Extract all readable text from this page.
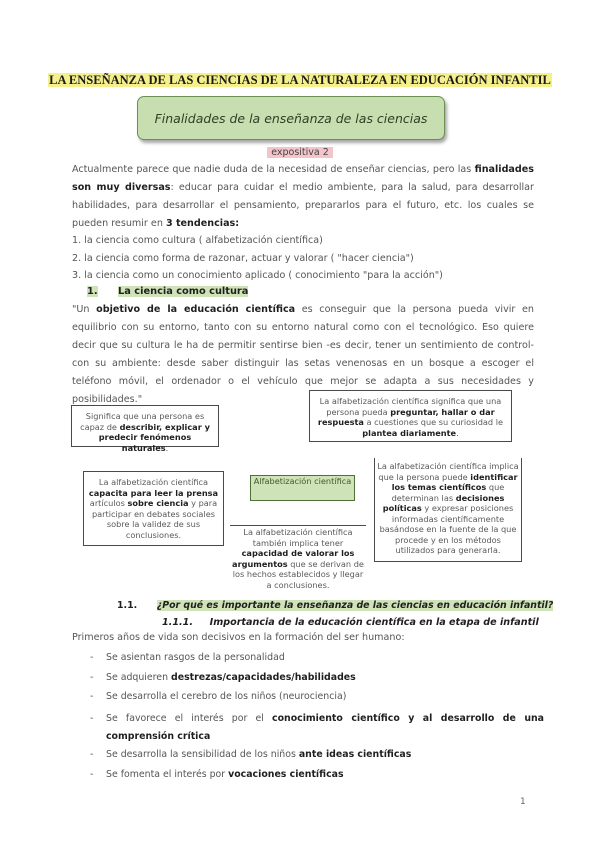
LA ENSEÑANZA DE LAS CIENCIAS DE LA NATURALEZA EN EDUCACIÓN INFANTIL
Finalidades de la enseñanza de las ciencias
expositiva 2
Actualmente parece que nadie duda de la necesidad de enseñar ciencias, pero las finalidades son muy diversas: educar para cuidar el medio ambiente, para la salud, para desarrollar habilidades, para desarrollar el pensamiento, prepararlos para el futuro, etc. los cuales se pueden resumir en 3 tendencias:
1. la ciencia como cultura ( alfabetización científica)
2. la ciencia como forma de razonar, actuar y valorar ( "hacer ciencia")
3. la ciencia como un conocimiento aplicado ( conocimiento "para la acción")
1. La ciencia como cultura
"Un objetivo de la educación científica es conseguir que la persona pueda vivir en equilibrio con su entorno, tanto con su entorno natural como con el tecnológico. Eso quiere decir que su cultura le ha de permitir sentirse bien -es decir, tener un sentimiento de control- con su ambiente: desde saber distinguir las setas venenosas en un bosque a escoger el teléfono móvil, el ordenador o el vehículo que mejor se adapta a sus necesidades y posibilidades."
Significa que una persona es capaz de describir, explicar y predecir fenómenos naturales.
La alfabetización científica significa que una persona pueda preguntar, hallar o dar respuesta a cuestiones que su curiosidad le plantea diariamente.
La alfabetización científica capacita para leer la prensa artículos sobre ciencia y para participar en debates sociales sobre la validez de sus conclusiones.
Alfabetización científica
La alfabetización científica implica que la persona puede identificar los temas científicos que determinan las decisiones políticas y expresar posiciones informadas científicamente basándose en la fuente de la que procede y en los métodos utilizados para generarla.
La alfabetización científica también implica tener capacidad de valorar los argumentos que se derivan de los hechos establecidos y llegar a conclusiones.
1.1. ¿Por qué es importante la enseñanza de las ciencias en educación infantil?
1.1.1. Importancia de la educación científica en la etapa de infantil
Primeros años de vida son decisivos en la formación del ser humano:
- Se asientan rasgos de la personalidad
- Se adquieren destrezas/capacidades/habilidades
- Se desarrolla el cerebro de los niños (neurociencia)
- Se favorece el interés por el conocimiento científico y al desarrollo de una comprensión crítica
- Se desarrolla la sensibilidad de los niños ante ideas científicas
- Se fomenta el interés por vocaciones científicas
1
